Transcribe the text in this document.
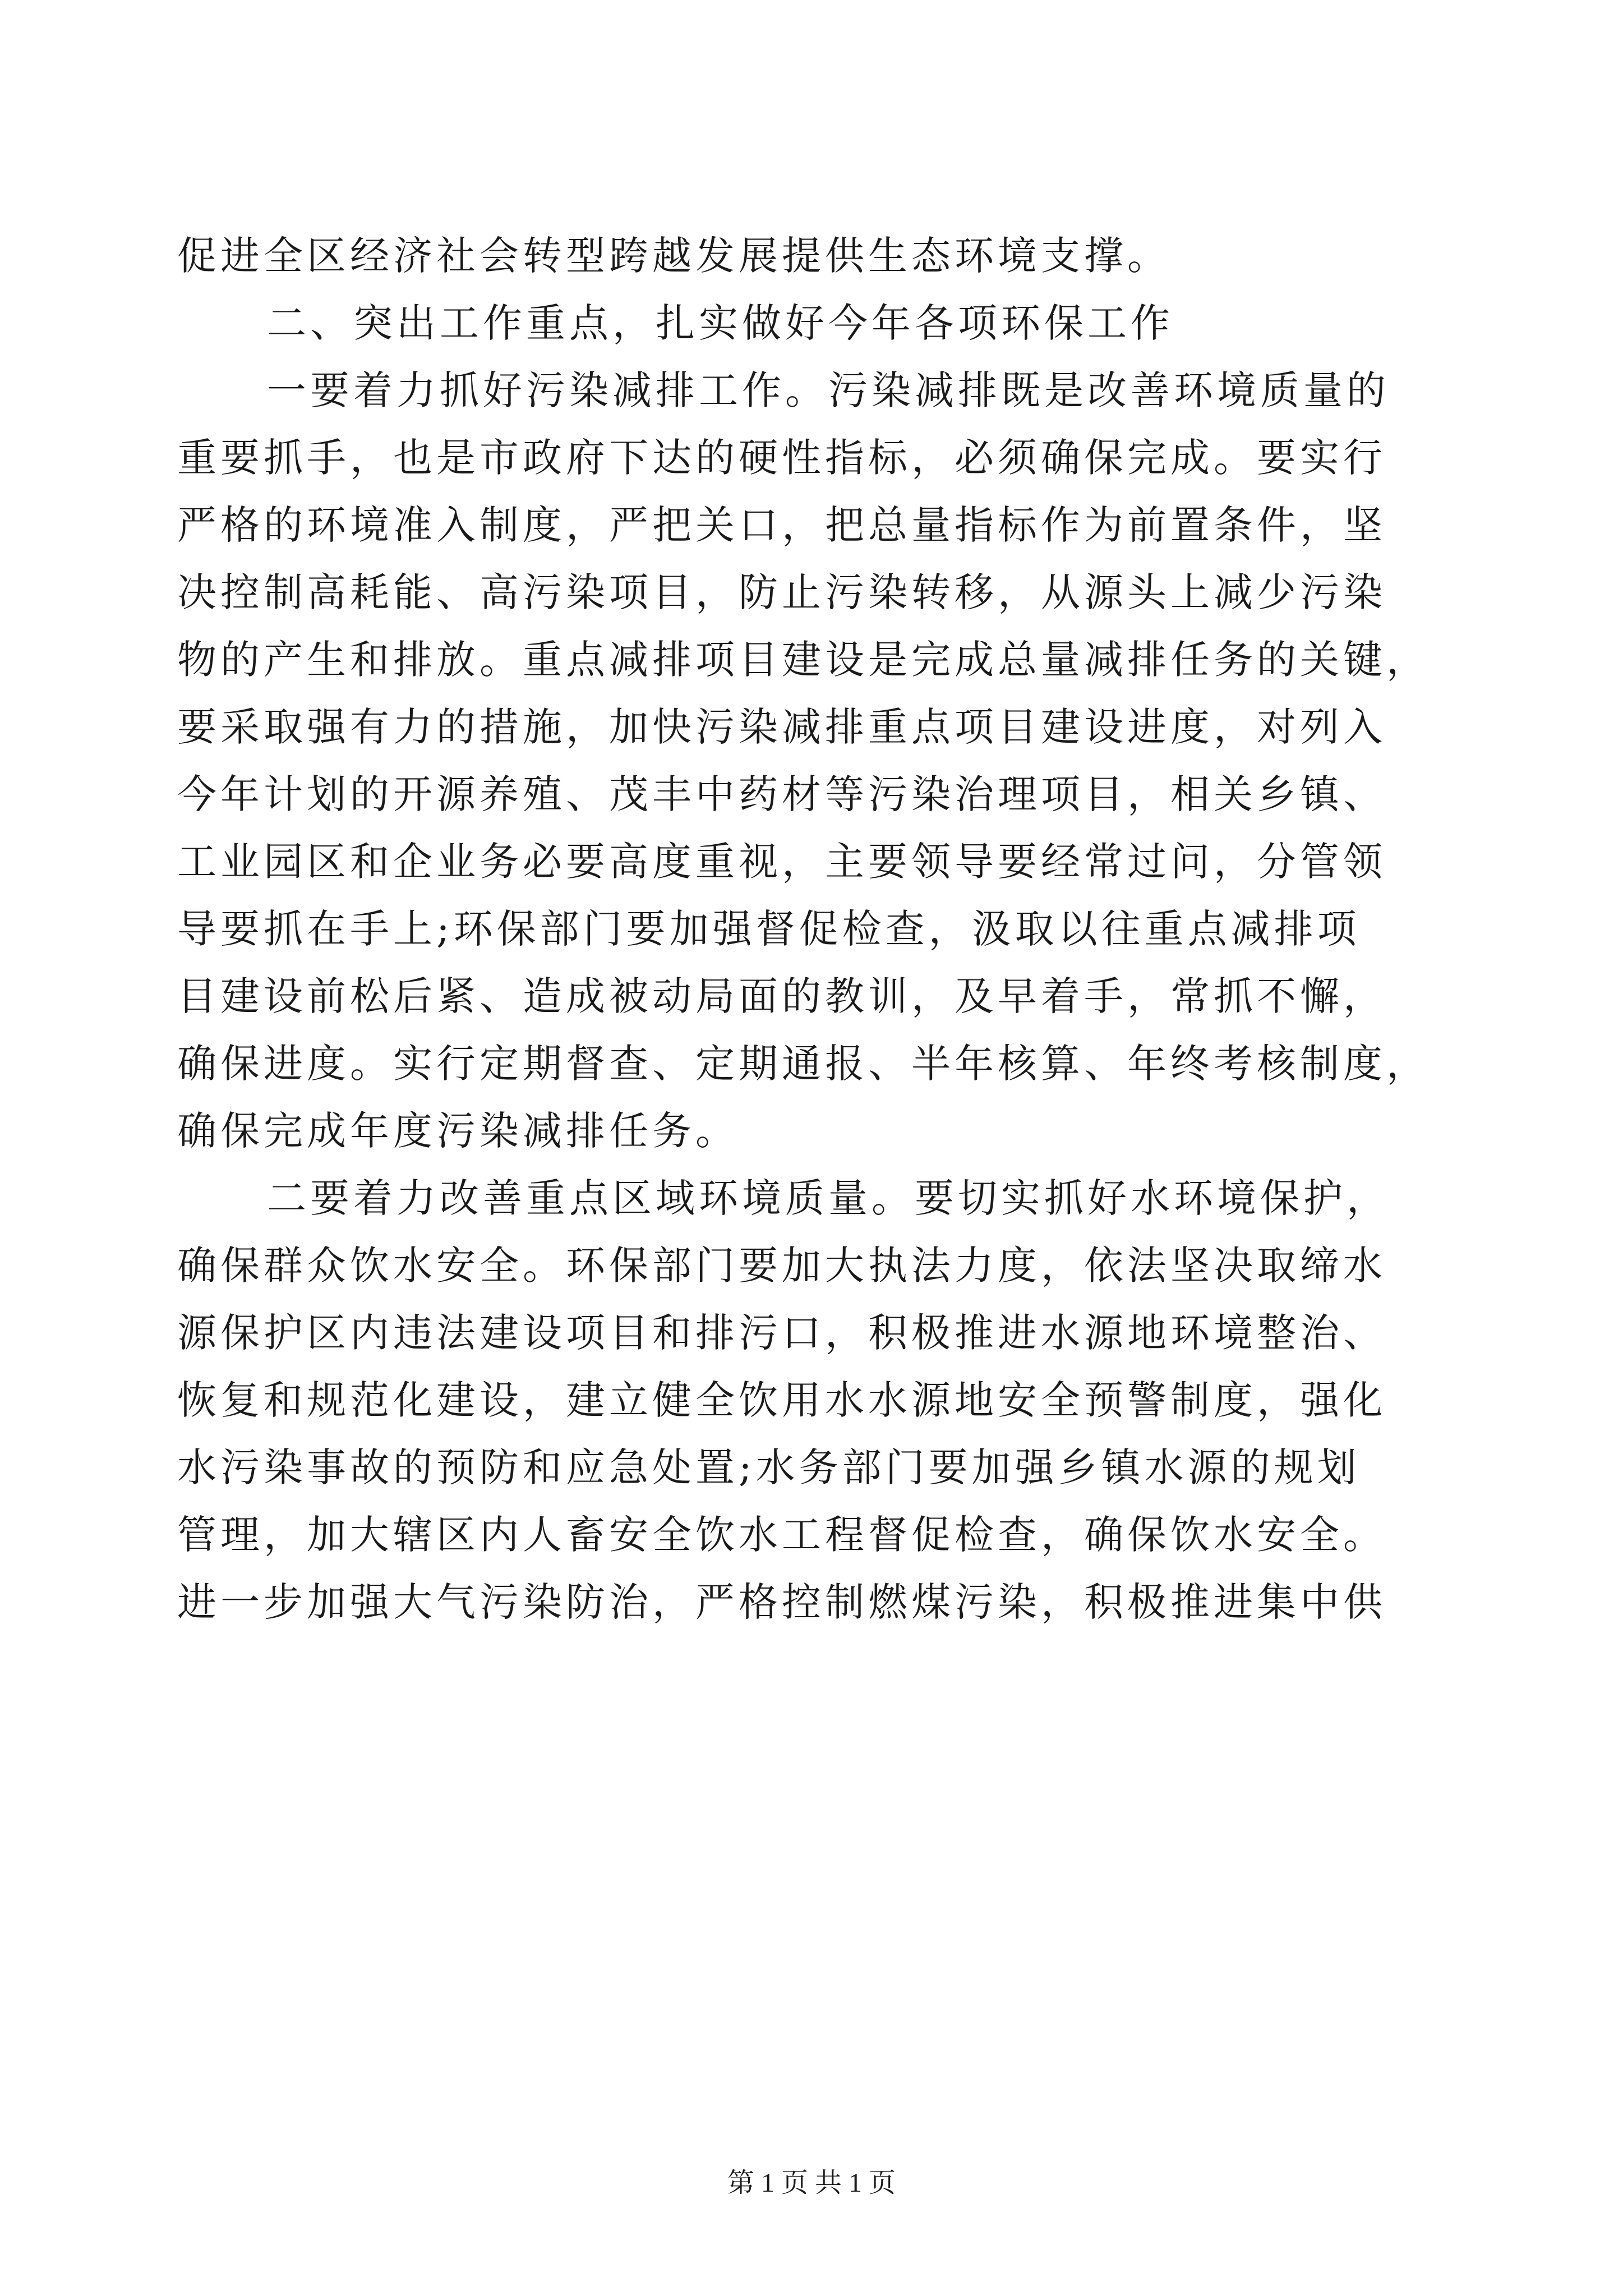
促进全区经济社会转型跨越发展提供生态环境支撑。
二、突出工作重点，扎实做好今年各项环保工作
一要着力抓好污染减排工作。污染减排既是改善环境质量的
重要抓手，也是市政府下达的硬性指标，必须确保完成。要实行
严格的环境准入制度，严把关口，把总量指标作为前置条件，坚
决控制高耗能、高污染项目，防止污染转移，从源头上减少污染
物的产生和排放。重点减排项目建设是完成总量减排任务的关键，
要采取强有力的措施，加快污染减排重点项目建设进度，对列入
今年计划的开源养殖、茂丰中药材等污染治理项目，相关乡镇、
工业园区和企业务必要高度重视，主要领导要经常过问，分管领
导要抓在手上;环保部门要加强督促检查，汲取以往重点减排项
目建设前松后紧、造成被动局面的教训，及早着手，常抓不懈，
确保进度。实行定期督查、定期通报、半年核算、年终考核制度，
确保完成年度污染减排任务。
二要着力改善重点区域环境质量。要切实抓好水环境保护，
确保群众饮水安全。环保部门要加大执法力度，依法坚决取缔水
源保护区内违法建设项目和排污口，积极推进水源地环境整治、
恢复和规范化建设，建立健全饮用水水源地安全预警制度，强化
水污染事故的预防和应急处置;水务部门要加强乡镇水源的规划
管理，加大辖区内人畜安全饮水工程督促检查，确保饮水安全。
进一步加强大气污染防治，严格控制燃煤污染，积极推进集中供
第 1 页 共 1 页
